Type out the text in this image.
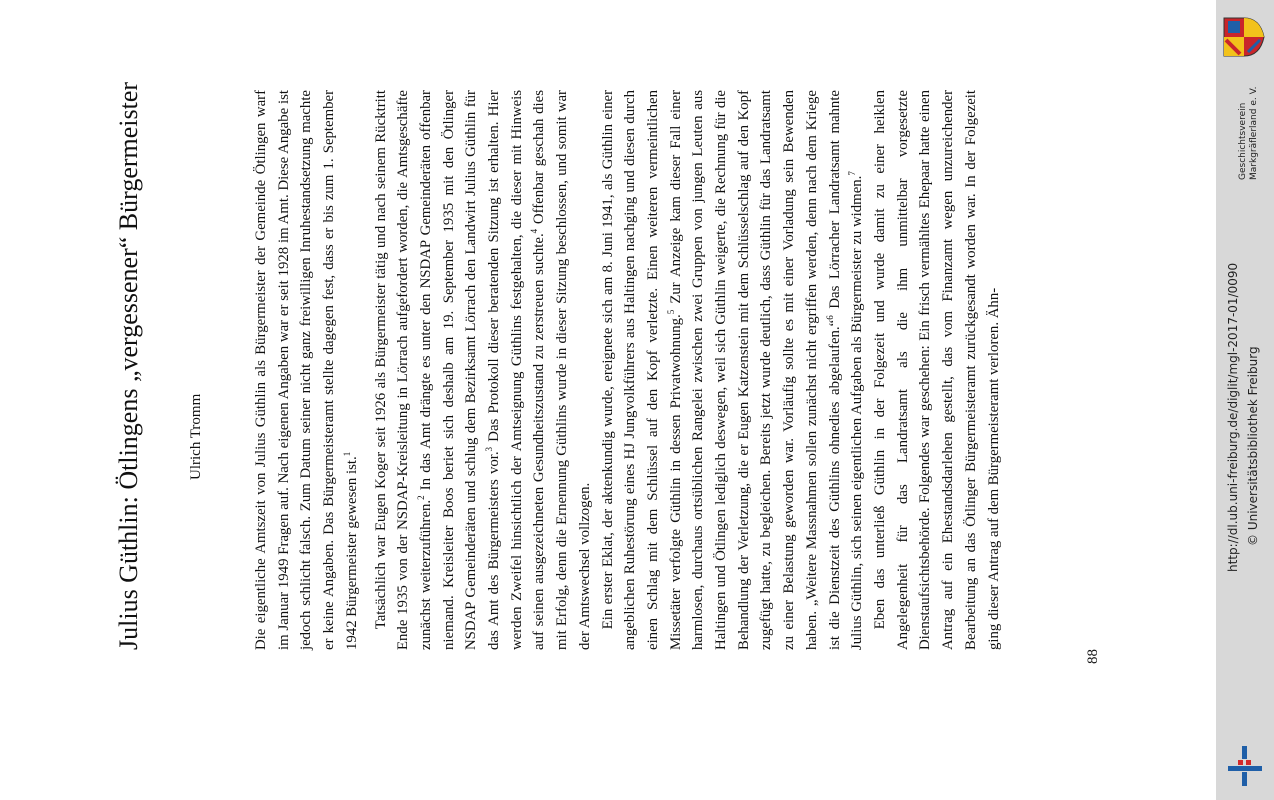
Julius Güthlin: Ötlingens „vergessener“ Bürgermeister	Ulrich Tromm	Die eigentliche Amtszeit von Julius Güthlin als Bürgermeister der Gemeinde Ötlingen warf im Januar 1949 Fragen auf. Nach eigenen Angaben war er seit 1928 im Amt. Diese Angabe ist jedoch schlicht falsch. Zum Datum seiner nicht ganz freiwilligen Inruhestandsetzung machte er keine Angaben. Das Bürgermeisteramt stellte dagegen fest, dass er bis zum 1. September 1942 Bürgermeister gewesen ist.$^1$	Tatsächlich war Eugen Koger seit 1926 als Bürgermeister tätig und nach seinem Rücktritt Ende 1935 von der NSDAP-Kreisleitung in Lörrach aufgefordert worden, die Amtsgeschäfte zunächst weiterzuführen.$^2$ In das Amt drängte es unter den NSDAP Gemeinderäten offenbar niemand. Kreisleiter Boos beriet sich deshalb am 19. September 1935 mit den Ötlinger NSDAP Gemeinderäten und schlug dem Bezirksamt Lörrach den Landwirt Julius Güthlin für das Amt des Bürgermeisters vor.$^3$ Das Protokoll dieser beratenden Sitzung ist erhalten. Hier werden Zweifel hinsichtlich der Amtseignung Güthlins festgehalten, die dieser mit Hinweis auf seinen ausgezeichneten Gesundheitszustand zu zerstreuen suchte.$^4$ Offenbar geschah dies mit Erfolg, denn die Ernennung Güthlins wurde in dieser Sitzung beschlossen, und somit war der Amtswechsel vollzogen. Ein erster Eklat, der aktenkundig wurde, ereignete sich am 8. Juni 1941, als Güthlin einer angeblichen Ruhestörung eines HJ Jungvolkführers aus Haltingen nachging und diesen durch einen Schlag mit dem Schlüssel auf den Kopf verletzte. Einen weiteren vermeintlichen Missetäter verfolgte Güthlin in dessen Privatwohnung.$^5$ Zur Anzeige kam dieser Fall einer harmlosen, durchaus ortsüblichen Rangelei zwischen zwei Gruppen von jungen Leuten aus Haltingen und Ötlingen lediglich deswegen, weil sich Güthlin weigerte, die Rechnung für die Behandlung der Verletzung, die er Eugen Katzenstein mit dem Schlüsselschlag auf den Kopf zugefügt hatte, zu begleichen. Bereits jetzt wurde deutlich, dass Güthlin für das Landratsamt zu einer Belastung geworden war. Vorläufig sollte es mit einer Vorladung sein Bewenden haben. „Weitere Massnahmen sollen zunächst nicht ergriffen werden, denn nach dem Kriege ist die Dienstzeit des Güthlins ohnedies abgelaufen.“$^6$ Das Lörracher Landratsamt mahnte Julius Güthlin, sich seinen eigentlichen Aufgaben als Bürgermeister zu widmen.$^7$ Eben das unterließ Güthlin in der Folgezeit und wurde damit zu einer heiklen Angelegenheit für das Landratsamt als die ihm unmittelbar vorgesetzte Dienstaufsichtsbehörde. Folgendes war geschehen: Ein frisch vermähltes Ehepaar hatte einen Antrag auf ein Ehestandsdarlehen gestellt, das vom Finanzamt wegen unzureichender Bearbeitung an das Ötlinger Bürgermeisteramt zurückgesandt worden war. In der Folgezeit ging dieser Antrag auf dem Bürgermeisteramt verloren. Ähn-

88
http://dl.ub.uni-freiburg.de/diglit/mgl-2017-01/0090 © Universitätsbibliothek Freiburg
Geschichtsverein Markgräflerland e. V.
